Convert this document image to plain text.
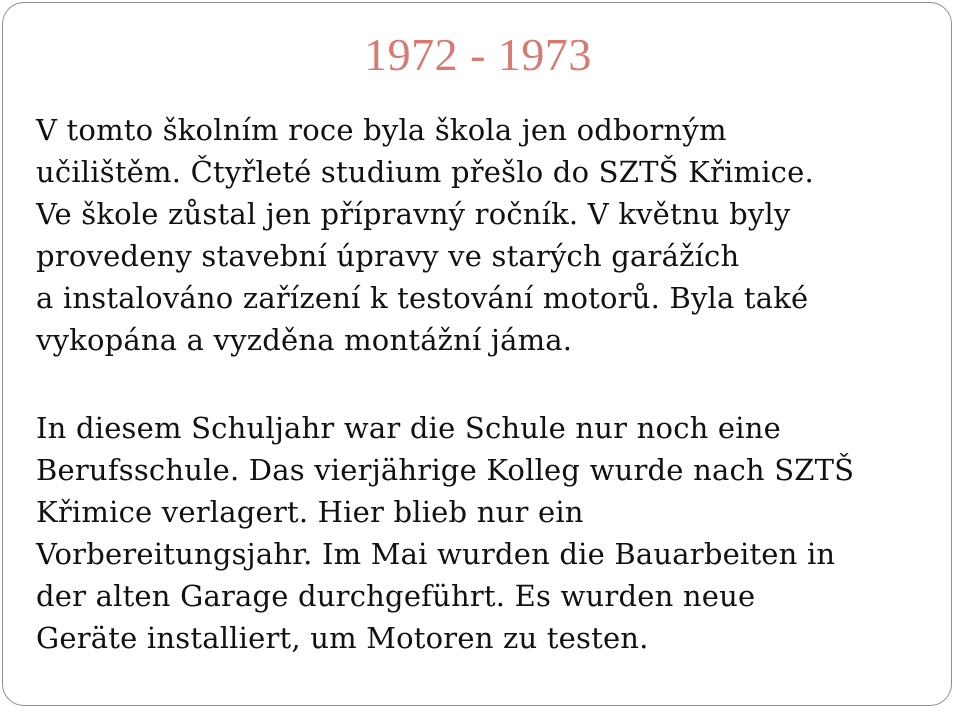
1972 - 1973

V tomto školním roce byla škola jen odborným
učilištěm. Čtyřleté studium přešlo do SZTŠ Křimice.
Ve škole zůstal jen přípravný ročník. V květnu byly
provedeny stavební úpravy ve starých garážích
a instalováno zařízení k testování motorů. Byla také
vykopána a vyzděna montážní jáma.

In diesem Schuljahr war die Schule nur noch eine
Berufsschule. Das vierjährige Kolleg wurde nach SZTŠ
Křimice verlagert. Hier blieb nur ein
Vorbereitungsjahr. Im Mai wurden die Bauarbeiten in
der alten Garage durchgeführt. Es wurden neue
Geräte installiert, um Motoren zu testen.
